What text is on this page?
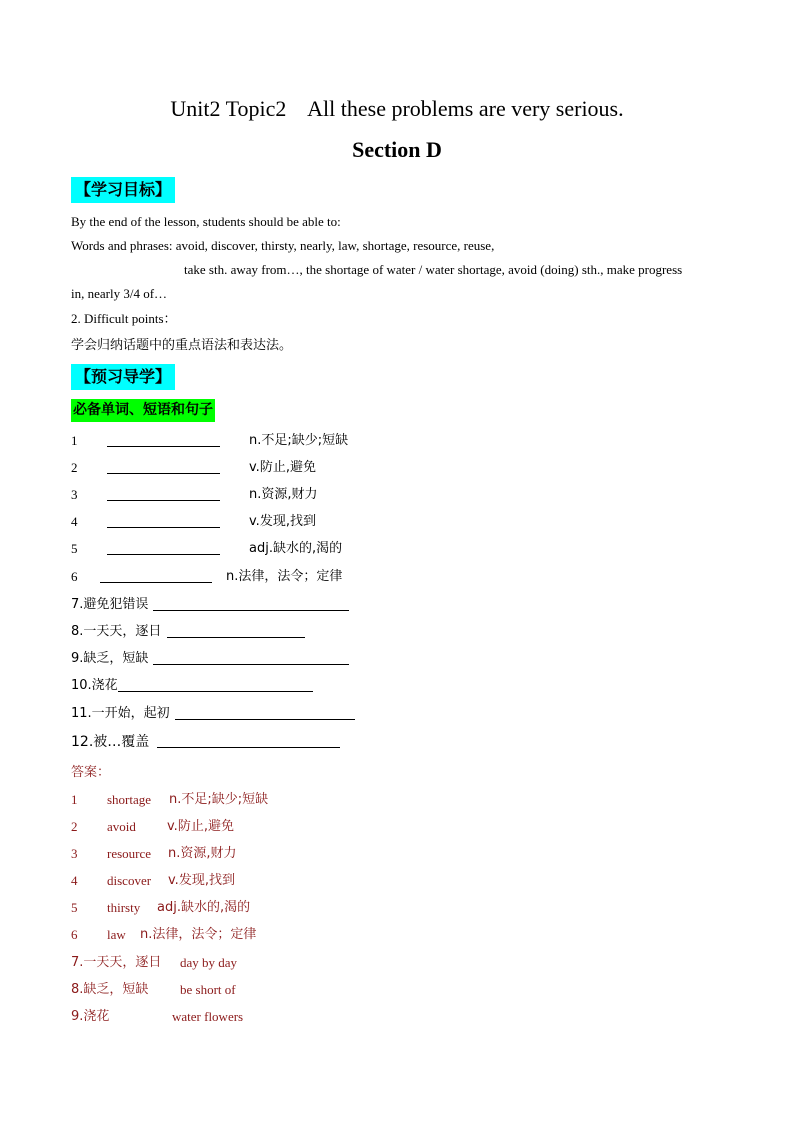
Unit2 Topic2    All these problems are very serious.
Section D
【学习目标】
By the end of the lesson, students should be able to:
Words and phrases: avoid, discover, thirsty, nearly, law, shortage, resource, reuse,
take sth. away from…, the shortage of water / water shortage, avoid (doing) sth., make progress
in, nearly 3/4 of…
2. Difficult points：
学会归纳话题中的重点语法和表达法。
【预习导学】
必备单词、短语和句子
1	n.不足;缺少;短缺
2	v.防止,避免
3	n.资源,财力
4	v.发现,找到
5	adj.缺水的,渴的
6	n.法律，法令；定律
7.避免犯错误
8.一天天，逐日
9.缺乏，短缺
10.浇花
11.一开始，起初
12.被…覆盖
答案：
1 shortage n.不足;缺少;短缺
2 avoid v.防止,避免
3 resource n.资源,财力
4 discover v.发现,找到
5 thirsty adj.缺水的,渴的
6 law n.法律，法令；定律
7.一天天，逐日 day by day
8.缺乏，短缺 be short of
9.浇花	water flowers
